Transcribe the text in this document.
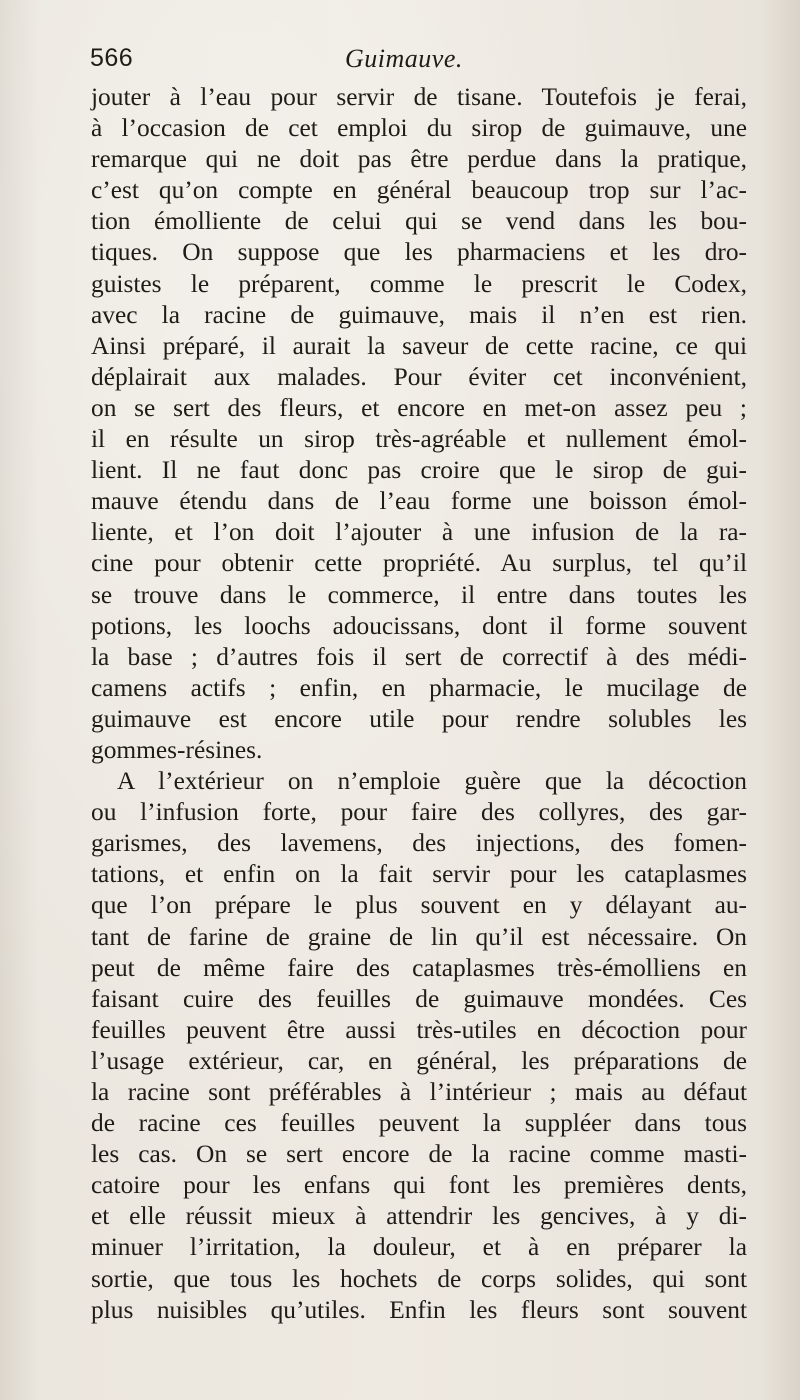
566	Guimauve.
jouter à l’eau pour servir de tisane. Toutefois je ferai,
à l’occasion de cet emploi du sirop de guimauve, une
remarque qui ne doit pas être perdue dans la pratique,
c’est qu’on compte en général beaucoup trop sur l’ac-
tion émolliente de celui qui se vend dans les bou-
tiques. On suppose que les pharmaciens et les dro-
guistes le préparent, comme le prescrit le Codex,
avec la racine de guimauve, mais il n’en est rien.
Ainsi préparé, il aurait la saveur de cette racine, ce qui
déplairait aux malades. Pour éviter cet inconvénient,
on se sert des fleurs, et encore en met-on assez peu ;
il en résulte un sirop très-agréable et nullement émol-
lient. Il ne faut donc pas croire que le sirop de gui-
mauve étendu dans de l’eau forme une boisson émol-
liente, et l’on doit l’ajouter à une infusion de la ra-
cine pour obtenir cette propriété. Au surplus, tel qu’il
se trouve dans le commerce, il entre dans toutes les
potions, les loochs adoucissans, dont il forme souvent
la base ; d’autres fois il sert de correctif à des médi-
camens actifs ; enfin, en pharmacie, le mucilage de
guimauve est encore utile pour rendre solubles les
gommes-résines.
A l’extérieur on n’emploie guère que la décoction
ou l’infusion forte, pour faire des collyres, des gar-
garismes, des lavemens, des injections, des fomen-
tations, et enfin on la fait servir pour les cataplasmes
que l’on prépare le plus souvent en y délayant au-
tant de farine de graine de lin qu’il est nécessaire. On
peut de même faire des cataplasmes très-émolliens en
faisant cuire des feuilles de guimauve mondées. Ces
feuilles peuvent être aussi très-utiles en décoction pour
l’usage extérieur, car, en général, les préparations de
la racine sont préférables à l’intérieur ; mais au défaut
de racine ces feuilles peuvent la suppléer dans tous
les cas. On se sert encore de la racine comme masti-
catoire pour les enfans qui font les premières dents,
et elle réussit mieux à attendrir les gencives, à y di-
minuer l’irritation, la douleur, et à en préparer la
sortie, que tous les hochets de corps solides, qui sont
plus nuisibles qu’utiles. Enfin les fleurs sont souvent
